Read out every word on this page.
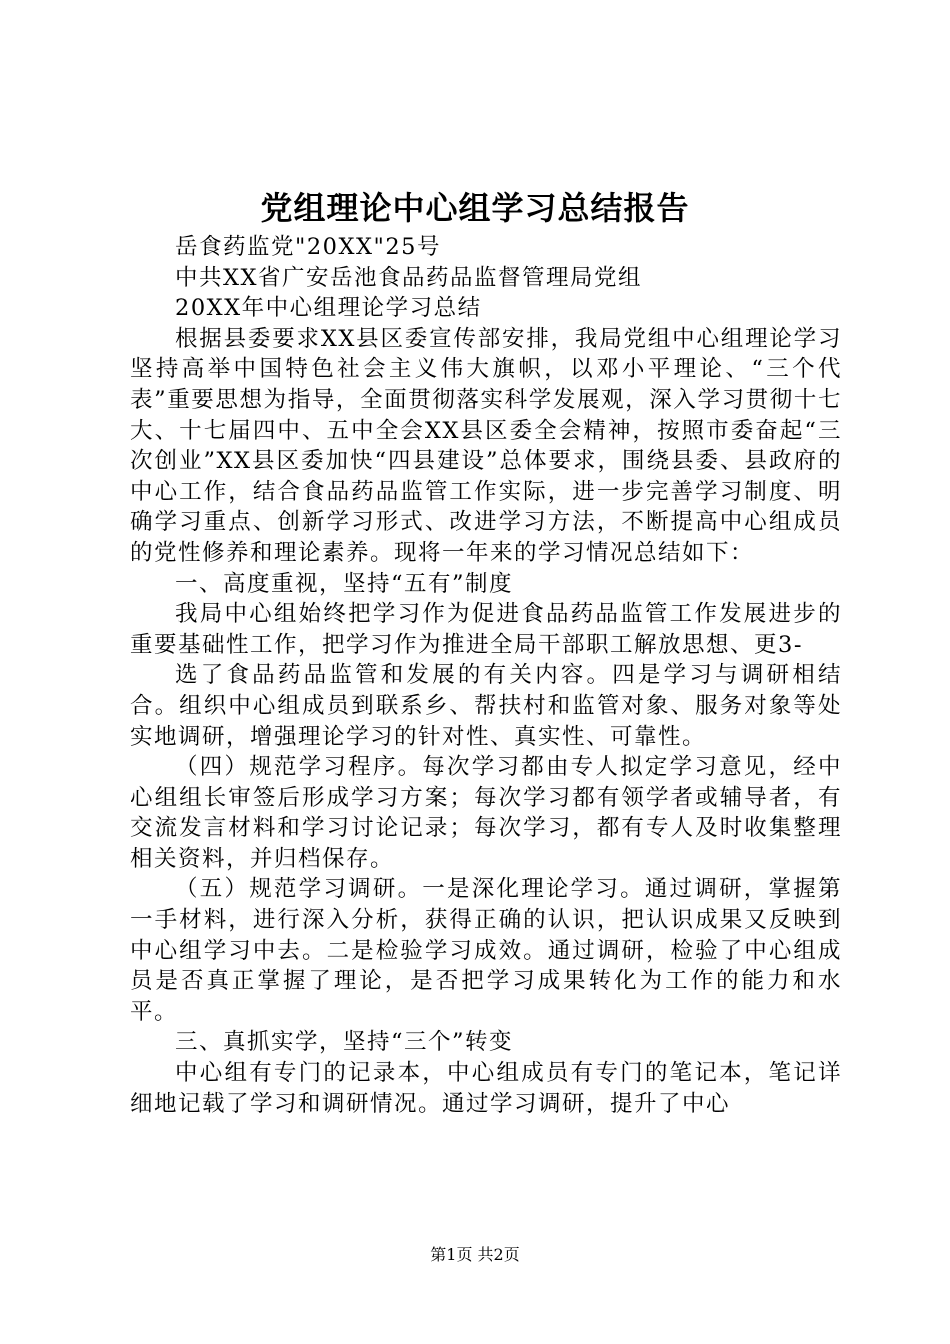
党组理论中心组学习总结报告

岳食药监党"20XX"25号

中共XX省广安岳池食品药品监督管理局党组

20XX年中心组理论学习总结

根据县委要求XX县区委宣传部安排，我局党组中心组理论学习坚持高举中国特色社会主义伟大旗帜，以邓小平理论、“三个代表”重要思想为指导，全面贯彻落实科学发展观，深入学习贯彻十七大、十七届四中、五中全会XX县区委全会精神，按照市委奋起“三次创业”XX县区委加快“四县建设”总体要求，围绕县委、县政府的中心工作，结合食品药品监管工作实际，进一步完善学习制度、明确学习重点、创新学习形式、改进学习方法，不断提高中心组成员的党性修养和理论素养。现将一年来的学习情况总结如下：

一、高度重视，坚持“五有”制度

我局中心组始终把学习作为促进食品药品监管工作发展进步的重要基础性工作，把学习作为推进全局干部职工解放思想、更3-

选了食品药品监管和发展的有关内容。四是学习与调研相结合。组织中心组成员到联系乡、帮扶村和监管对象、服务对象等处实地调研，增强理论学习的针对性、真实性、可靠性。

（四）规范学习程序。每次学习都由专人拟定学习意见，经中心组组长审签后形成学习方案；每次学习都有领学者或辅导者，有交流发言材料和学习讨论记录；每次学习，都有专人及时收集整理相关资料，并归档保存。

（五）规范学习调研。一是深化理论学习。通过调研，掌握第一手材料，进行深入分析，获得正确的认识，把认识成果又反映到中心组学习中去。二是检验学习成效。通过调研，检验了中心组成员是否真正掌握了理论，是否把学习成果转化为工作的能力和水平。

三、真抓实学，坚持“三个”转变

中心组有专门的记录本，中心组成员有专门的笔记本，笔记详细地记载了学习和调研情况。通过学习调研，提升了中心

第1页 共2页
